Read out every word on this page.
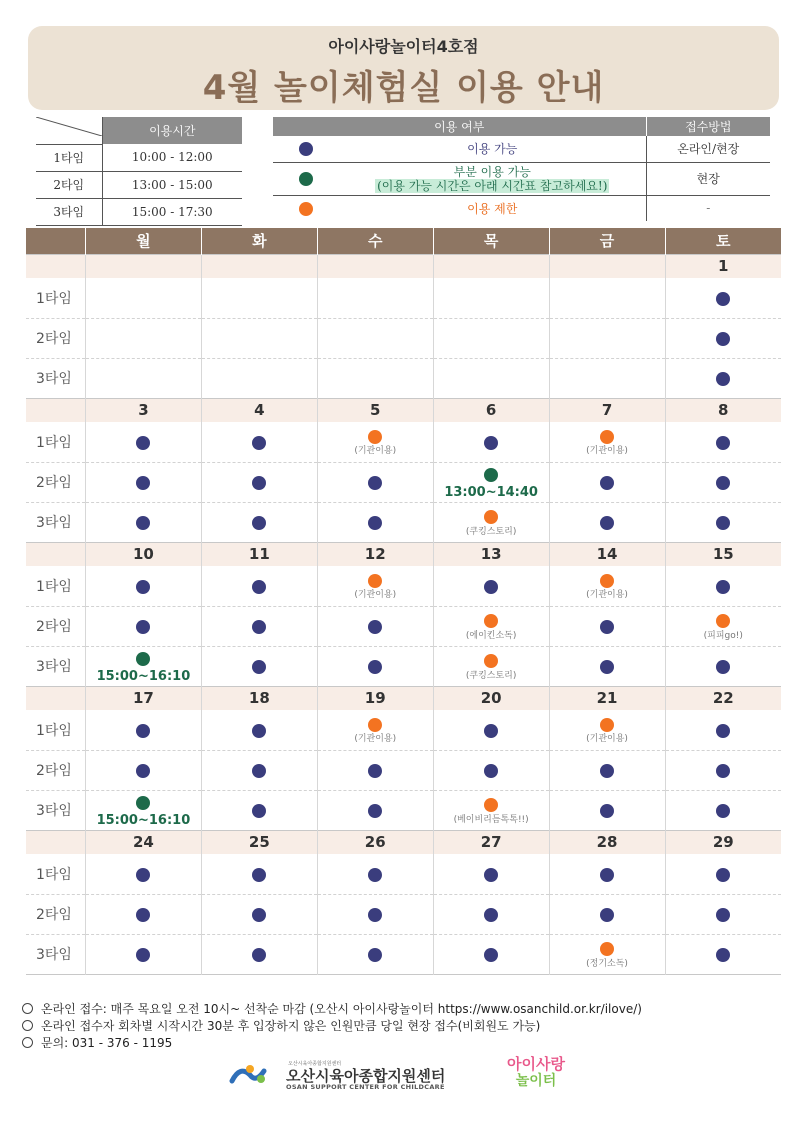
아이사랑놀이터4호점
4월 놀이체험실 이용 안내
	이용시간
1타임	10:00 - 12:00
2타임	13:00 - 15:00
3타임	15:00 - 17:30
이용 여부		접수방법
	이용 가능	온라인/현장

	부분 이용 가능
(이용 가능 시간은 아래 시간표 참고하세요!)	현장
	이용 제한	-
	월	화	수	목	금	토
						1
1타임						
2타임						
3타임						
	3	4	5	6	7	8
1타임			(기관이용)		(기관이용)	

2타임				13:00~14:40		

3타임				(쿠킹스토리)		

	10	11	12	13	14	15
1타임			(기관이용)		(기관이용)	

2타임				(에이킨소독)		(피피go!)

3타임	15:00~16:10			(쿠킹스토리)		

	17	18	19	20	21	22
1타임			(기관이용)		(기관이용)	

2타임						
3타임	15:00~16:10			(베이비리듬톡톡!!)		

	24	25	26	27	28	29
1타임						
2타임						
3타임					(정기소독)	

온라인 접수: 매주 목요일 오전 10시~ 선착순 마감 (오산시 아이사랑놀이터 https://www.osanchild.or.kr/ilove/)
온라인 접수자 회차별 시작시간 30분 후 입장하지 않은 인원만큼 당일 현장 접수(비회원도 가능)
문의: 031 - 376 - 1195
오산시육아종합지원센터
오산시육아종합지원센터
OSAN SUPPORT CENTER FOR CHILDCARE
아이사랑
놀이터
